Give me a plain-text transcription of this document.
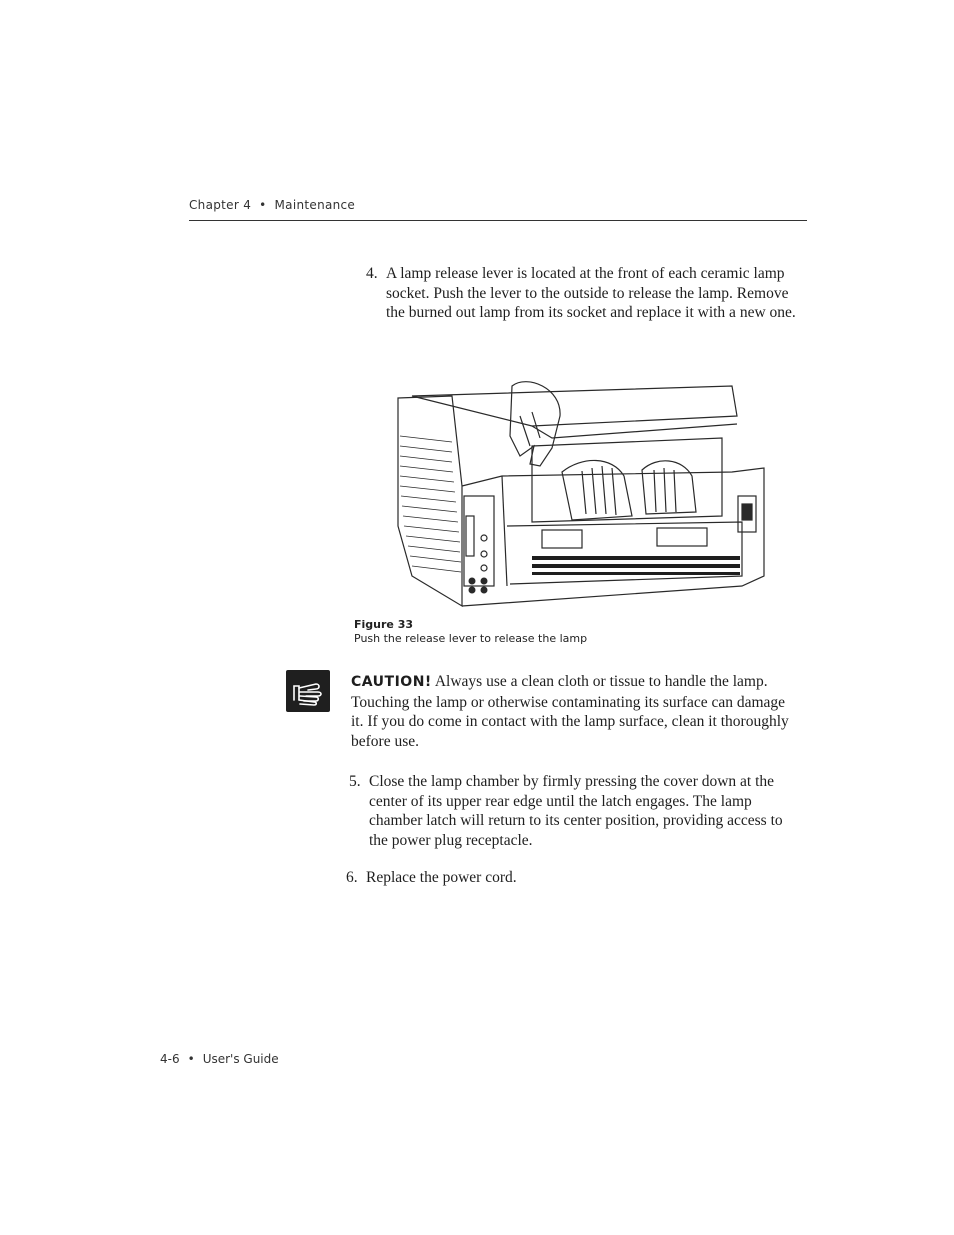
Chapter 4 • Maintenance
4. A lamp release lever is located at the front of each ceramic lamp socket. Push the lever to the outside to release the lamp. Remove the burned out lamp from its socket and replace it with a new one.
Figure 33
Push the release lever to release the lamp
CAUTION! Always use a clean cloth or tissue to handle the lamp. Touching the lamp or otherwise contaminating its surface can damage it. If you do come in contact with the lamp surface, clean it thoroughly before use.
5. Close the lamp chamber by firmly pressing the cover down at the center of its upper rear edge until the latch engages. The lamp chamber latch will return to its center position, providing access to the power plug receptacle.
6. Replace the power cord.
4-6 • User's Guide
